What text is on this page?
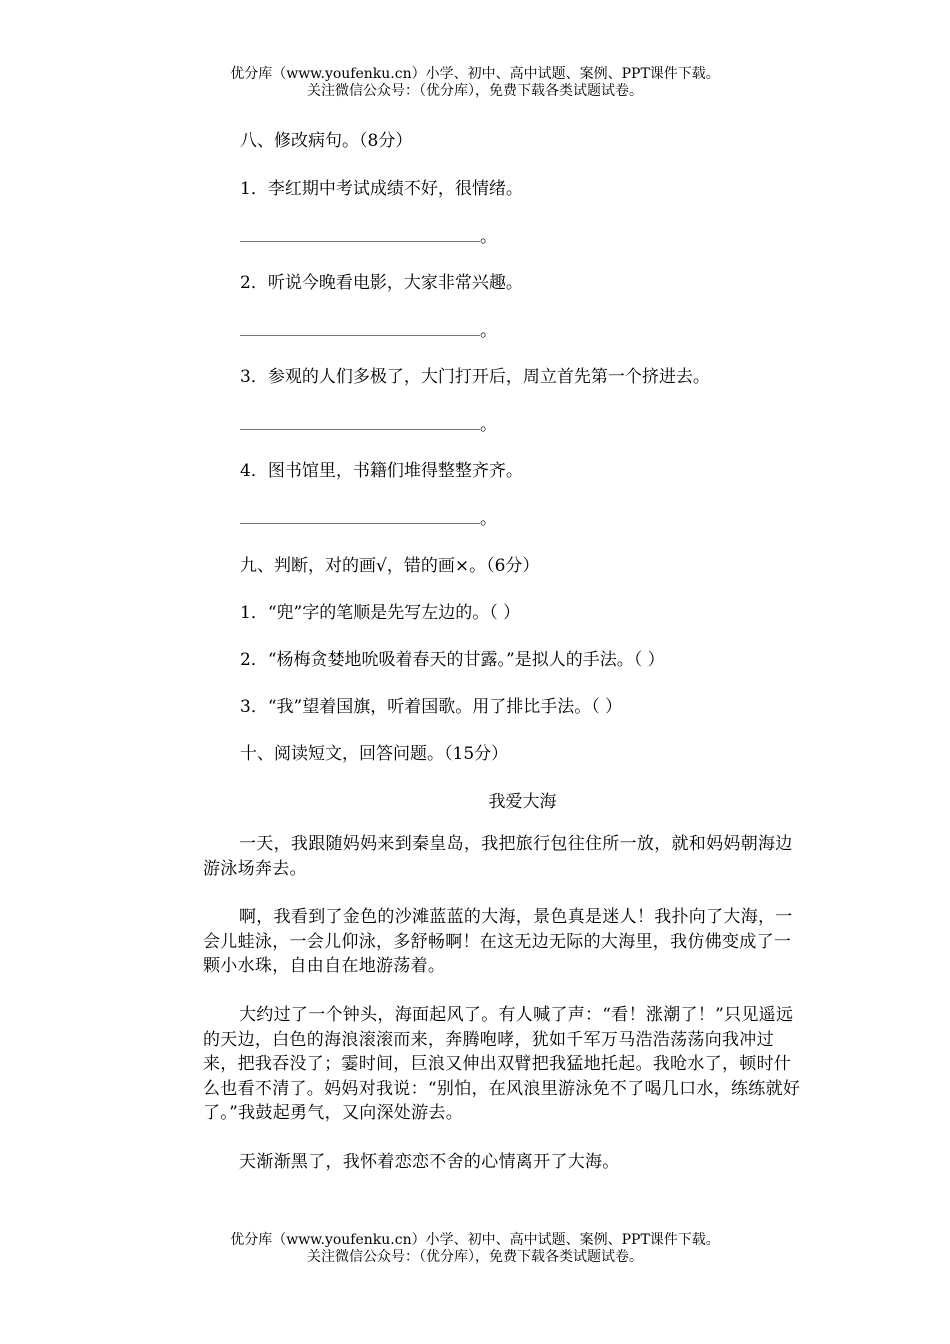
优分库（www.youfenku.cn）小学、初中、高中试题、案例、PPT课件下载。
关注微信公众号：（优分库），免费下载各类试题试卷。
八、修改病句。（8分）
1．李红期中考试成绩不好，很情绪。
。
2．听说今晚看电影，大家非常兴趣。
。
3．参观的人们多极了，大门打开后，周立首先第一个挤进去。
。
4．图书馆里，书籍们堆得整整齐齐。
。
九、判断，对的画√，错的画×。（6分）
1．“兜”字的笔顺是先写左边的。（ ）
2．“杨梅贪婪地吮吸着春天的甘露。”是拟人的手法。（ ）
3．“我”望着国旗，听着国歌。用了排比手法。（ ）
十、阅读短文，回答问题。（15分）
我爱大海
一天，我跟随妈妈来到秦皇岛，我把旅行包往住所一放，就和妈妈朝海边游泳场奔去。
啊，我看到了金色的沙滩蓝蓝的大海，景色真是迷人！我扑向了大海，一会儿蛙泳，一会儿仰泳，多舒畅啊！在这无边无际的大海里，我仿佛变成了一颗小水珠，自由自在地游荡着。
大约过了一个钟头，海面起风了。有人喊了声：“看！涨潮了！”只见遥远的天边，白色的海浪滚滚而来，奔腾咆哮，犹如千军万马浩浩荡荡向我冲过来，把我吞没了；霎时间，巨浪又伸出双臂把我猛地托起。我呛水了，顿时什么也看不清了。妈妈对我说：“别怕，在风浪里游泳免不了喝几口水，练练就好了。”我鼓起勇气，又向深处游去。
天渐渐黑了，我怀着恋恋不舍的心情离开了大海。
优分库（www.youfenku.cn）小学、初中、高中试题、案例、PPT课件下载。
关注微信公众号：（优分库），免费下载各类试题试卷。
